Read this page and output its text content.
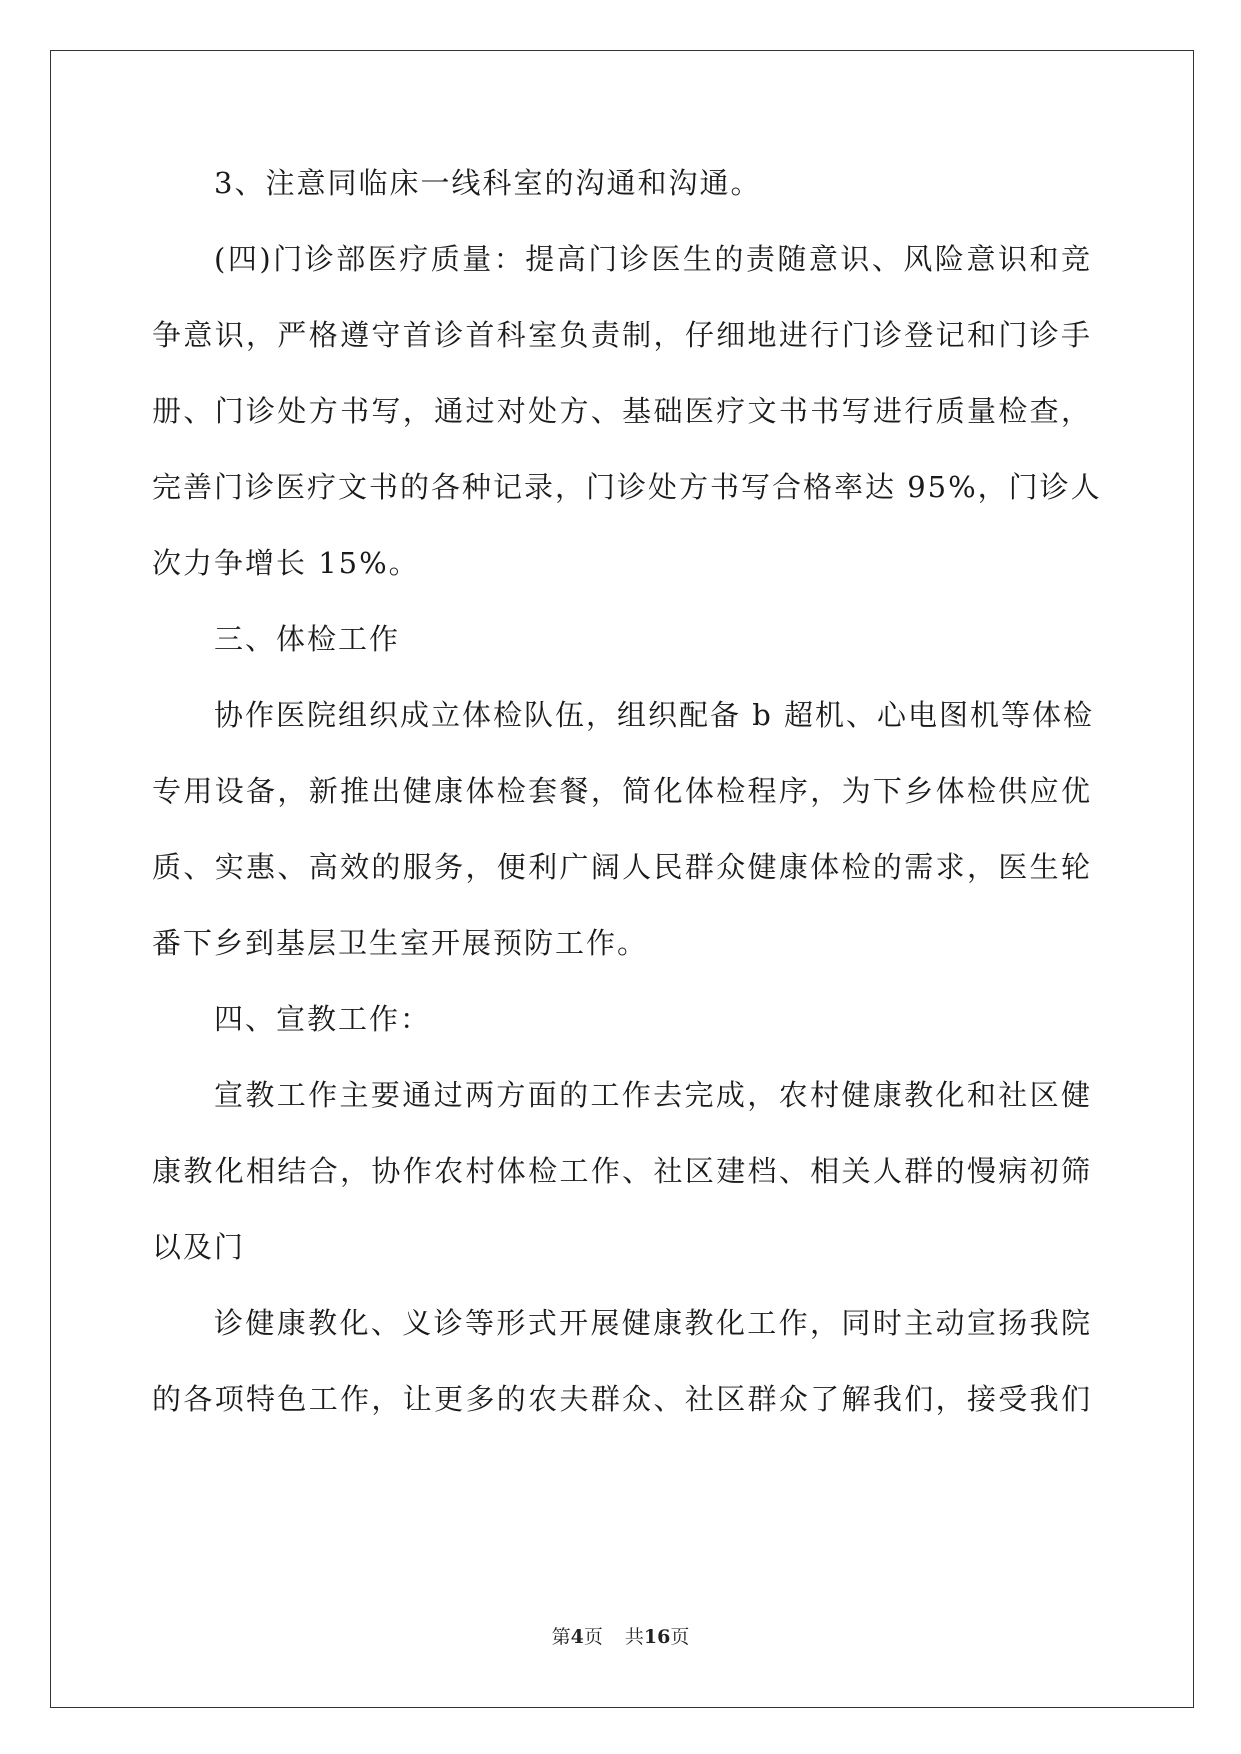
3、注意同临床一线科室的沟通和沟通。
(四)门诊部医疗质量：提高门诊医生的责随意识、风险意识和竞
争意识，严格遵守首诊首科室负责制，仔细地进行门诊登记和门诊手
册、门诊处方书写，通过对处方、基础医疗文书书写进行质量检查，
完善门诊医疗文书的各种记录，门诊处方书写合格率达 95%，门诊人
次力争增长 15%。
三、体检工作
协作医院组织成立体检队伍，组织配备 b 超机、心电图机等体检
专用设备，新推出健康体检套餐，简化体检程序，为下乡体检供应优
质、实惠、高效的服务，便利广阔人民群众健康体检的需求，医生轮
番下乡到基层卫生室开展预防工作。
四、宣教工作：
宣教工作主要通过两方面的工作去完成，农村健康教化和社区健
康教化相结合，协作农村体检工作、社区建档、相关人群的慢病初筛
以及门
诊健康教化、义诊等形式开展健康教化工作，同时主动宣扬我院
的各项特色工作，让更多的农夫群众、社区群众了解我们，接受我们
第4页 共16页
